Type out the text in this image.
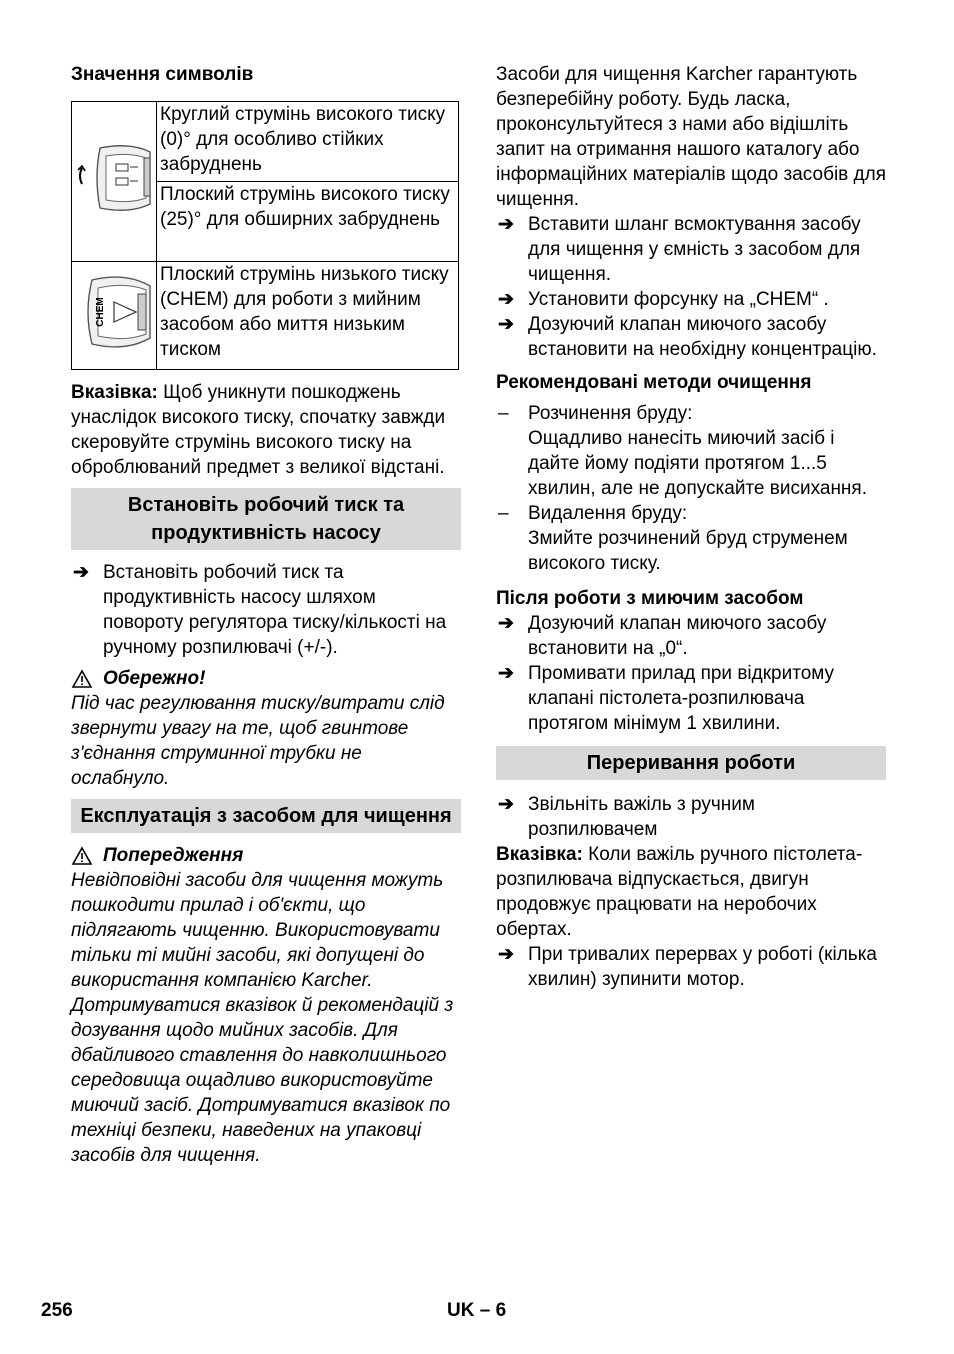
Значення символів

	Круглий струмінь високого тиску (0)° для особливо стійких забруднень
	Плоский струмінь високого тиску (25)° для обширних забруднень

CHEM	Плоский струмінь низького тиску (CHEM) для роботи з мийним засобом або миття низьким тиском

Вказівка: Щоб уникнути пошкоджень унаслідок високого тиску, спочатку завжди скеровуйте струмінь високого тиску на оброблюваний предмет з великої відстані.

Встановіть робочий тиск та продуктивність насосу
➔ Встановіть робочий тиск та продуктивність насосу шляхом повороту регулятора тиску/кількості на ручному розпилювачі (+/-).
Обережно!

Під час регулювання тиску/витрати слід звернути увагу на те, щоб гвинтове з'єднання струминної трубки не ослабнуло.

Експлуатація з засобом для чищення
Попередження

Невідповідні засоби для чищення можуть пошкодити прилад і об'єкти, що підлягають чищенню. Використовувати тільки ті мийні засоби, які допущені до використання компанією Karcher. Дотримуватися вказівок й рекомендацій з дозування щодо мийних засобів. Для дбайливого ставлення до навколишнього середовища ощадливо використовуйте миючий засіб. Дотримуватися вказівок по техніці безпеки, наведених на упаковці засобів для чищення.

Засоби для чищення Karcher гарантують безперебійну роботу. Будь ласка, проконсультуйтеся з нами або відішліть запит на отримання нашого каталогу або інформаційних матеріалів щодо засобів для чищення.

➔ Вставити шланг всмоктування засобу для чищення у ємність з засобом для чищення.
➔ Установити форсунку на „CHEM“ .
➔ Дозуючий клапан миючого засобу встановити на необхідну концентрацію.

Рекомендовані методи очищення

– Розчинення бруду:

Ощадливо нанесіть миючий засіб і дайте йому подіяти протягом 1...5 хвилин, але не допускайте висихання.

– Видалення бруду:

Змийте розчинений бруд струменем високого тиску.

Після роботи з миючим засобом

➔ Дозуючий клапан миючого засобу встановити на „0“.
➔ Промивати прилад при відкритому клапані пістолета-розпилювача протягом мінімум 1 хвилини.
Переривання роботи
➔ Звільніть важіль з ручним розпилювачем

Вказівка: Коли важіль ручного пістолета-розпилювача відпускається, двигун продовжує працювати на неробочих обертах.

➔ При тривалих перервах у роботі (кілька хвилин) зупинити мотор.
256	UK – 6
